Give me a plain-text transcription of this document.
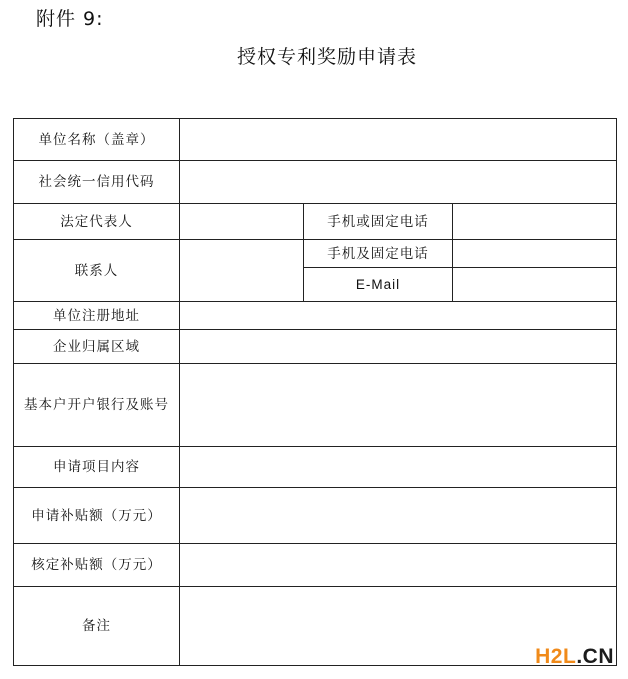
附件 9:
授权专利奖励申请表
单位名称（盖章）			
社会统一信用代码			
法定代表人		手机或固定电话	
联系人		手机及固定电话	
		E-Mail	
单位注册地址			
企业归属区域			
基本户开户银行及账号			
申请项目内容			
申请补贴额（万元）			
核定补贴额（万元）			
备注			
H2L.CN
